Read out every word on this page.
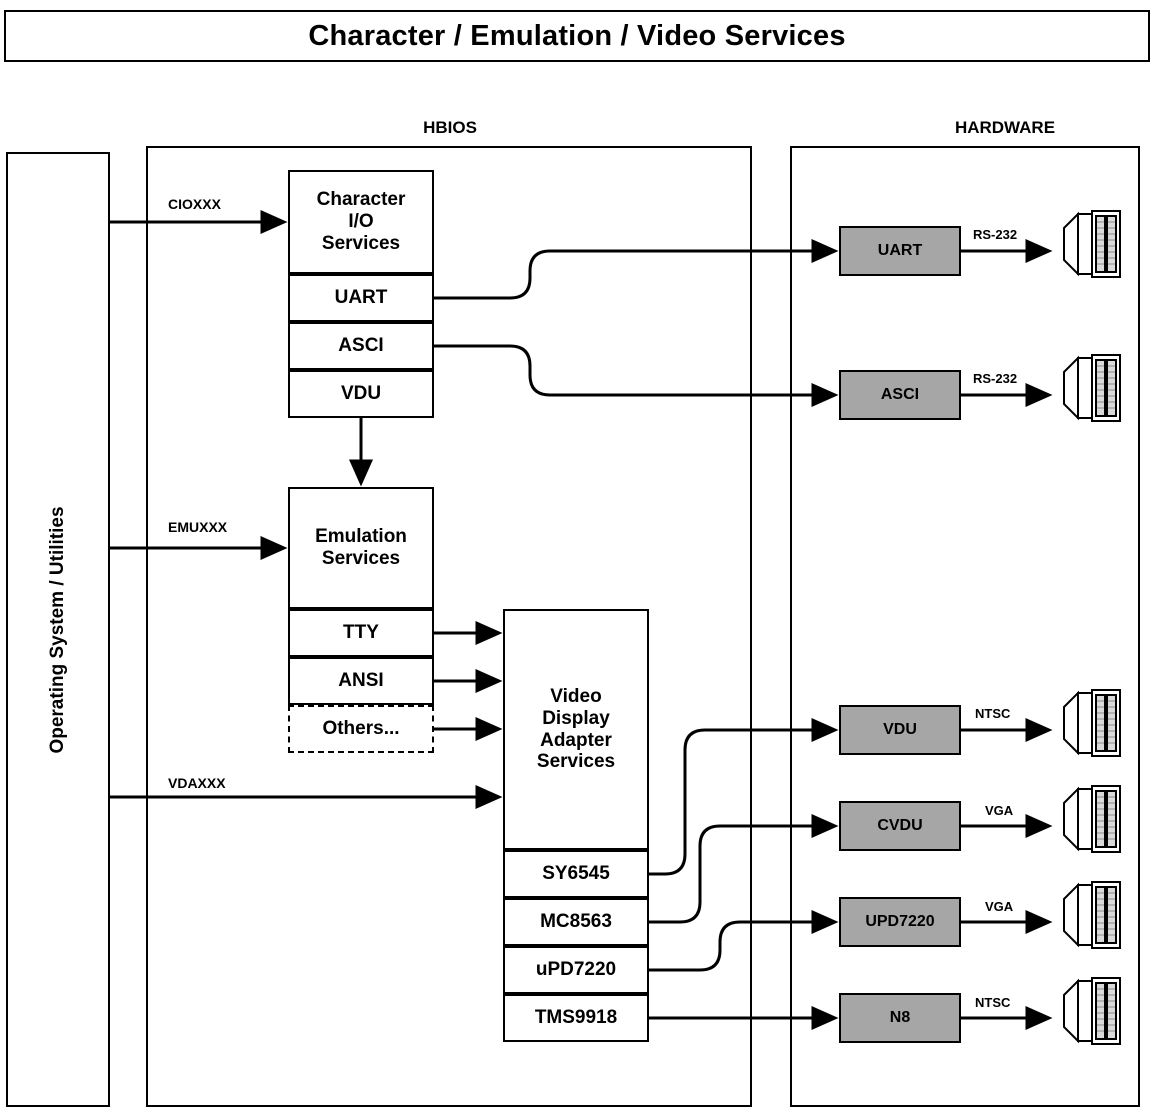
Character / Emulation / Video Services
HBIOS	HARDWARE
Operating System / Utilities
Character
I/O
Services
UART
ASCI
VDU
Emulation
Services
TTY
ANSI
Others...
Video
Display
Adapter
Services
SY6545
MC8563
uPD7220
TMS9918
UART
ASCI
VDU
CVDU
UPD7220
N8
CIOXXX
EMUXXX
VDAXXX
RS-232
RS-232
NTSC
VGA
VGA
NTSC
